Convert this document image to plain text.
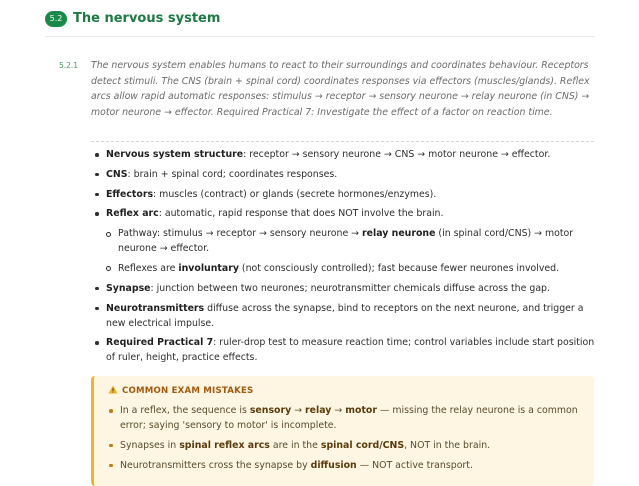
5.2 The nervous system
5.2.1 The nervous system enables humans to react to their surroundings and coordinates behaviour. Receptors detect stimuli. The CNS (brain + spinal cord) coordinates responses via effectors (muscles/glands). Reflex arcs allow rapid automatic responses: stimulus → receptor → sensory neurone → relay neurone (in CNS) → motor neurone → effector. Required Practical 7: Investigate the effect of a factor on reaction time.

Nervous system structure: receptor → sensory neurone → CNS → motor neurone → effector.
CNS: brain + spinal cord; coordinates responses.
Effectors: muscles (contract) or glands (secrete hormones/enzymes).
Reflex arc: automatic, rapid response that does NOT involve the brain.
Pathway: stimulus → receptor → sensory neurone → relay neurone (in spinal cord/CNS) → motor neurone → effector.
Reflexes are involuntary (not consciously controlled); fast because fewer neurones involved.
Synapse: junction between two neurones; neurotransmitter chemicals diffuse across the gap.
Neurotransmitters diffuse across the synapse, bind to receptors on the next neurone, and trigger a new electrical impulse.
Required Practical 7: ruler-drop test to measure reaction time; control variables include start position of ruler, height, practice effects.
COMMON EXAM MISTAKES
In a reflex, the sequence is sensory → relay → motor — missing the relay neurone is a common error; saying 'sensory to motor' is incomplete.
Synapses in spinal reflex arcs are in the spinal cord/CNS, NOT in the brain.
Neurotransmitters cross the synapse by diffusion — NOT active transport.
